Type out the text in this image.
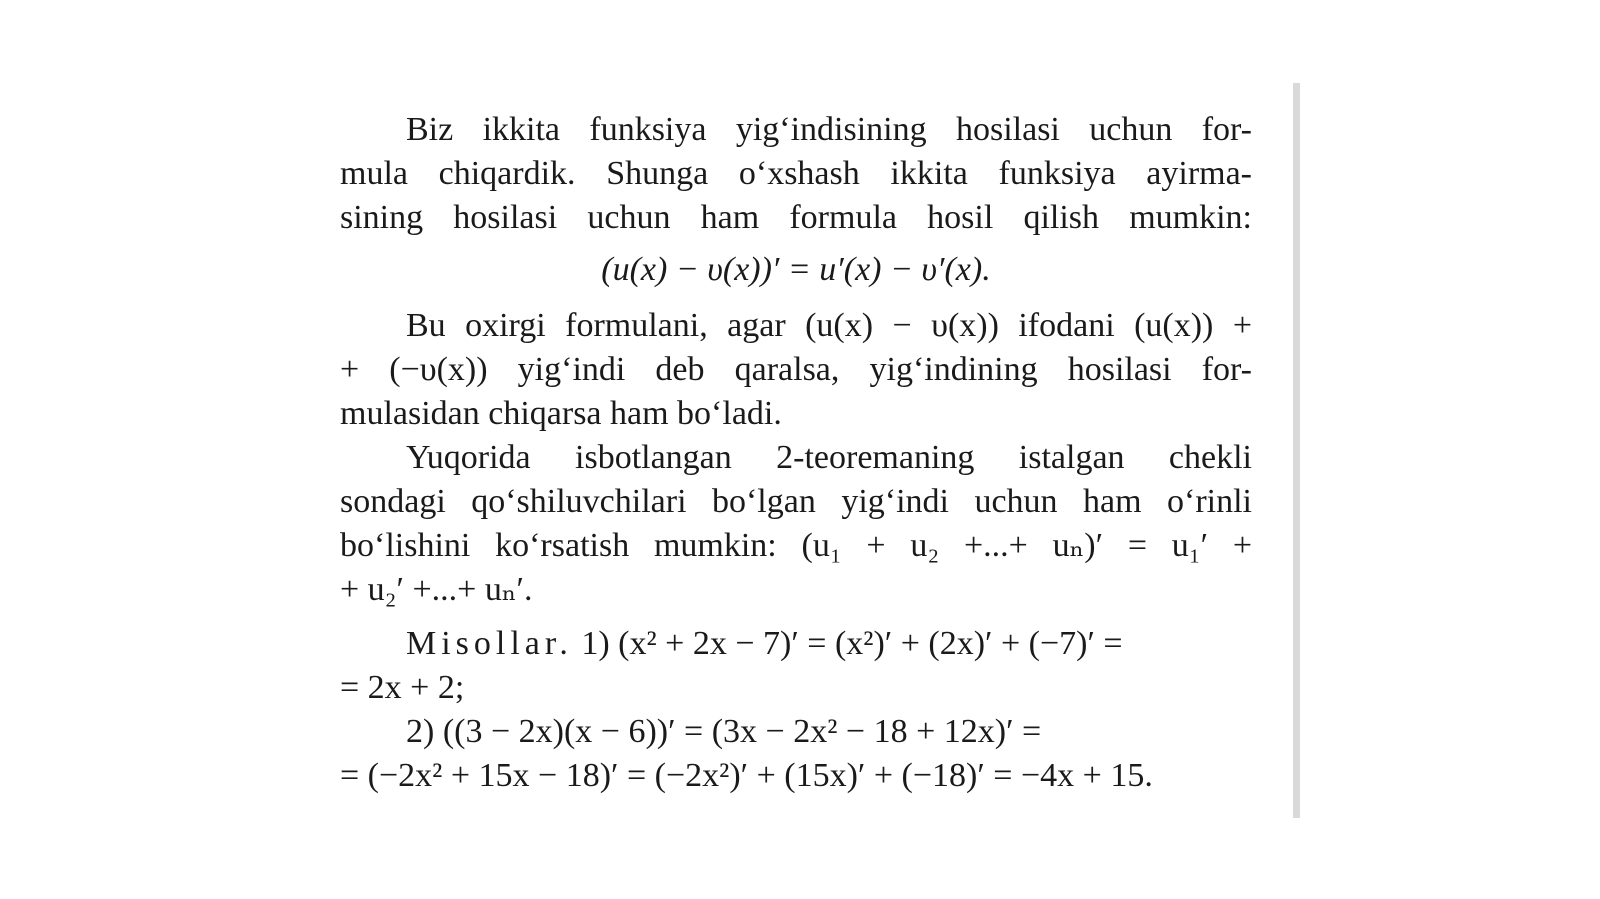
Biz ikkita funksiya yig‘indisining hosilasi uchun for-
mula chiqardik. Shunga o‘xshash ikkita funksiya ayirma-
sining hosilasi uchun ham formula hosil qilish mumkin:
(u(x) − υ(x))′ = u′(x) − υ′(x).
Bu oxirgi formulani, agar (u(x) − υ(x)) ifodani (u(x)) +
+ (−υ(x)) yig‘indi deb qaralsa, yig‘indining hosilasi for-
mulasidan chiqarsa ham bo‘ladi.
Yuqorida isbotlangan 2-teoremaning istalgan chekli
sondagi qo‘shiluvchilari bo‘lgan yig‘indi uchun ham o‘rinli
bo‘lishini ko‘rsatish mumkin: (u₁ + u₂ +...+ uₙ)′ = u₁′ +
+ u₂′ +...+ uₙ′.
Misollar. 1) (x² + 2x − 7)′ = (x²)′ + (2x)′ + (−7)′ =
= 2x + 2;
2) ((3 − 2x)(x − 6))′ = (3x − 2x² − 18 + 12x)′ =
= (−2x² + 15x − 18)′ = (−2x²)′ + (15x)′ + (−18)′ = −4x + 15.
